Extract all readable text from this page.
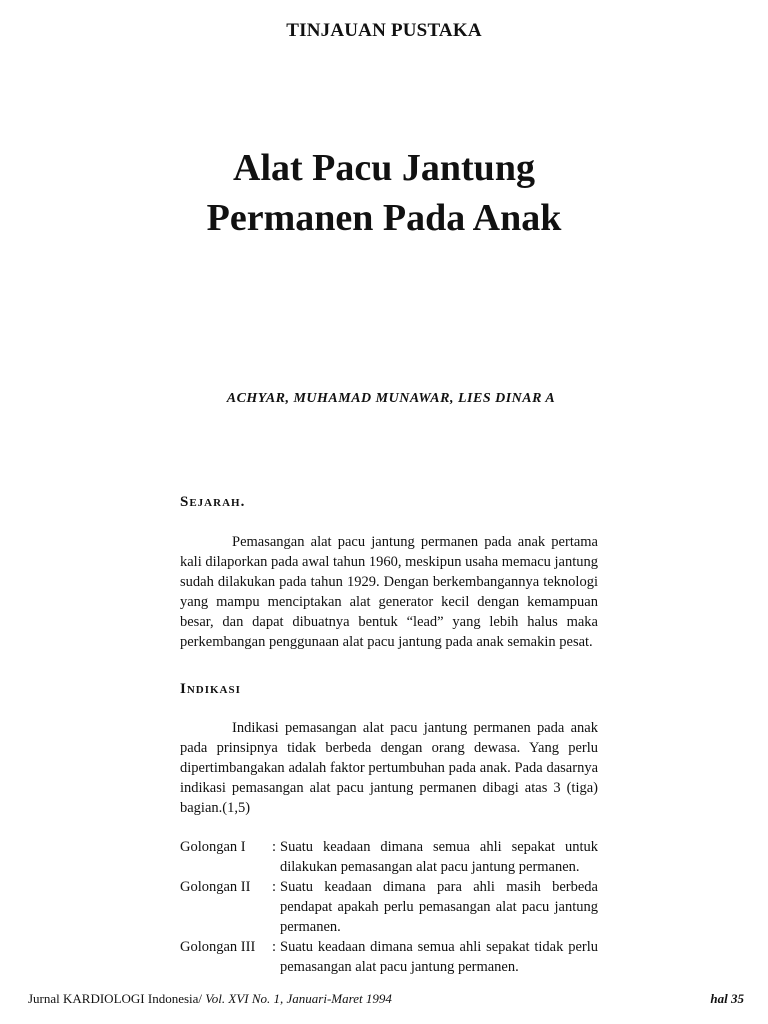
TINJAUAN PUSTAKA
Alat Pacu Jantung
Permanen Pada Anak
ACHYAR, MUHAMAD MUNAWAR, LIES DINAR A
Sejarah.

Pemasangan alat pacu jantung permanen pada anak pertama kali dilaporkan pada awal tahun 1960, meskipun usaha memacu jantung sudah dilakukan pada tahun 1929. Dengan berkembangannya teknologi yang mampu menciptakan alat generator kecil dengan kemampuan besar, dan dapat dibuatnya bentuk “lead” yang lebih halus maka perkembangan penggunaan alat pacu jantung pada anak semakin pesat.

Indikasi

Indikasi pemasangan alat pacu jantung permanen pada anak pada prinsipnya tidak berbeda dengan orang dewasa. Yang perlu dipertimbangakan adalah faktor pertumbuhan pada anak. Pada dasarnya indikasi pemasangan alat pacu jantung permanen dibagi atas 3 (tiga) bagian.(1,5)

Golongan I	: Suatu keadaan dimana semua ahli sepakat untuk dilakukan pemasangan alat pacu jantung permanen.
Golongan II	: Suatu keadaan dimana para ahli masih berbeda pendapat apakah perlu pemasangan alat pacu jantung permanen.
Golongan III	: Suatu keadaan dimana semua ahli sepakat tidak perlu pemasangan alat pacu jantung permanen.
Jurnal KARDIOLOGI Indonesia/ Vol. XVI No. 1, Januari-Maret 1994	hal 35
